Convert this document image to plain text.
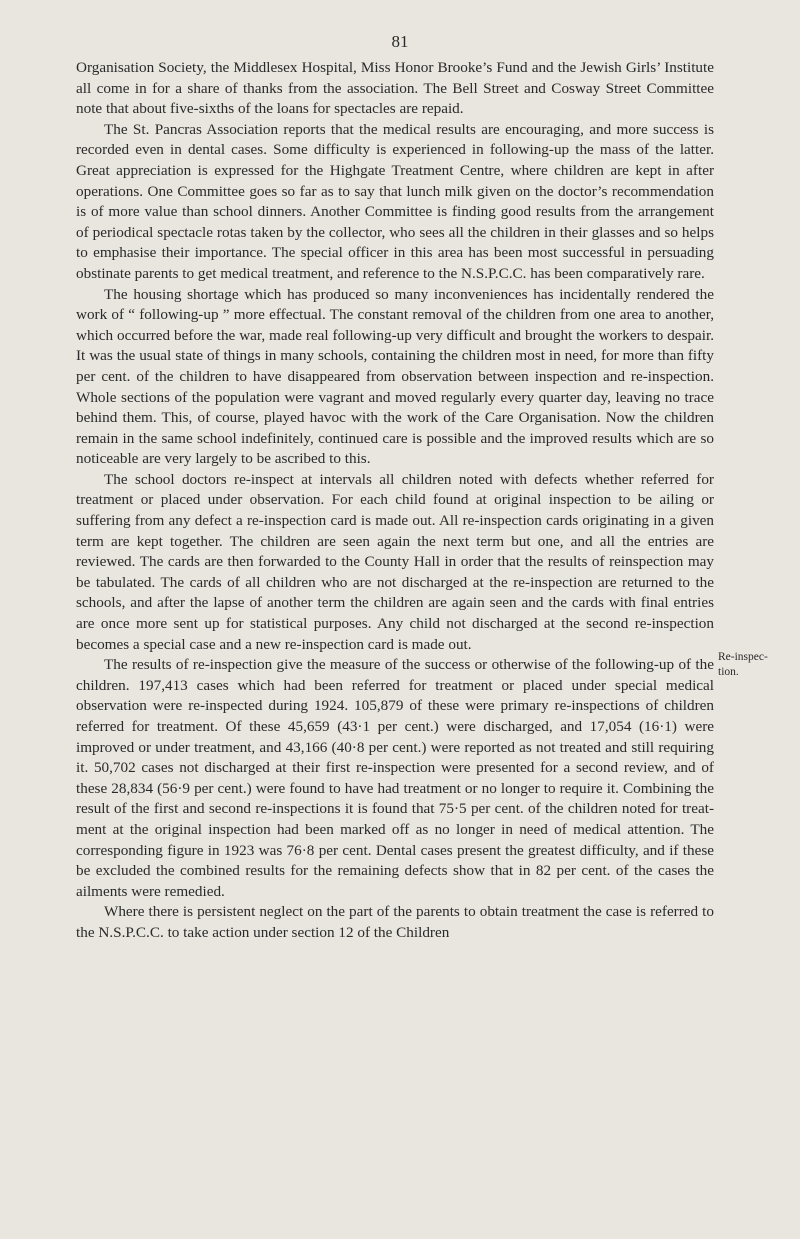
81

Organisation Society, the Middlesex Hospital, Miss Honor Brooke’s Fund and the Jewish Girls’ Institute all come in for a share of thanks from the association. The Bell Street and Cosway Street Committee note that about five-sixths of the loans for spectacles are repaid.

The St. Pancras Association reports that the medical results are encouraging, and more success is recorded even in dental cases. Some difficulty is experienced in following-up the mass of the latter. Great appreciation is expressed for the Highgate Treatment Centre, where children are kept in after operations. One Committee goes so far as to say that lunch milk given on the doctor’s recommendation is of more value than school dinners. Another Committee is finding good results from the arrangement of periodical spectacle rotas taken by the collector, who sees all the children in their glasses and so helps to emphasise their importance. The special officer in this area has been most successful in persuading obstinate parents to get medical treatment, and reference to the N.S.P.C.C. has been comparatively rare.

The housing shortage which has produced so many inconveniences has incidentally rendered the work of “ following-up ” more effectual. The constant removal of the children from one area to another, which occurred before the war, made real following-up very difficult and brought the workers to despair. It was the usual state of things in many schools, containing the children most in need, for more than fifty per cent. of the children to have disappeared from observation between inspection and re-inspection. Whole sections of the population were vagrant and moved regularly every quarter day, leaving no trace behind them. This, of course, played havoc with the work of the Care Organisation. Now the children remain in the same school indefinitely, continued care is possible and the improved results which are so noticeable are very largely to be ascribed to this.

The school doctors re-inspect at intervals all children noted with defects whether referred for treatment or placed under observation. For each child found at original inspection to be ailing or suffering from any defect a re-inspection card is made out. All re-inspection cards originating in a given term are kept together. The children are seen again the next term but one, and all the entries are reviewed. The cards are then forwarded to the County Hall in order that the results of reinspection may be tabulated. The cards of all children who are not discharged at the re-inspection are returned to the schools, and after the lapse of another term the children are again seen and the cards with final entries are once more sent up for statistical purposes. Any child not discharged at the second re-inspection becomes a special case and a new re-inspection card is made out.

The results of re-inspection give the measure of the success or otherwise of the following-up of the children. 197,413 cases which had been referred for treatment or placed under special medical observation were re-inspected during 1924. 105,879 of these were primary re-inspections of children referred for treatment. Of these 45,659 (43·1 per cent.) were discharged, and 17,054 (16·1) were improved or under treatment, and 43,166 (40·8 per cent.) were reported as not treated and still requiring it. 50,702 cases not discharged at their first re-inspection were presented for a second review, and of these 28,834 (56·9 per cent.) were found to have had treatment or no longer to require it. Combining the result of the first and second re-inspections it is found that 75·5 per cent. of the children noted for treatment at the original inspection had been marked off as no longer in need of medical attention. The corresponding figure in 1923 was 76·8 per cent. Dental cases present the greatest difficulty, and if these be excluded the combined results for the remaining defects show that in 82 per cent. of the cases the ailments were remedied.

Where there is persistent neglect on the part of the parents to obtain treatment the case is referred to the N.S.P.C.C. to take action under section 12 of the Children

Re-inspec-
tion.
